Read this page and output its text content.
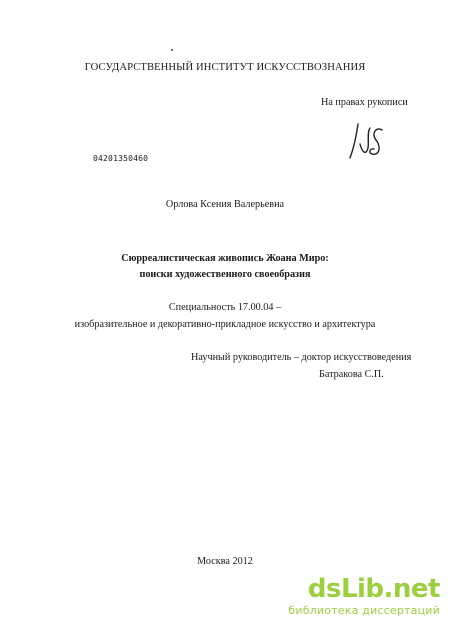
ГОСУДАРСТВЕННЫЙ ИНСТИТУТ ИСКУССТВОЗНАНИЯ
На правах рукописи
04201350460
Орлова Ксения Валерьевна
Сюрреалистическая живопись Жоана Миро:
поиски художественного своеобразия
Специальность 17.00.04 –
изобразительное и декоративно-прикладное искусство и архитектура
Научный руководитель – доктор искусствоведения
Батракова С.П.
Москва 2012
dsLib.net
библиотека диссертаций
